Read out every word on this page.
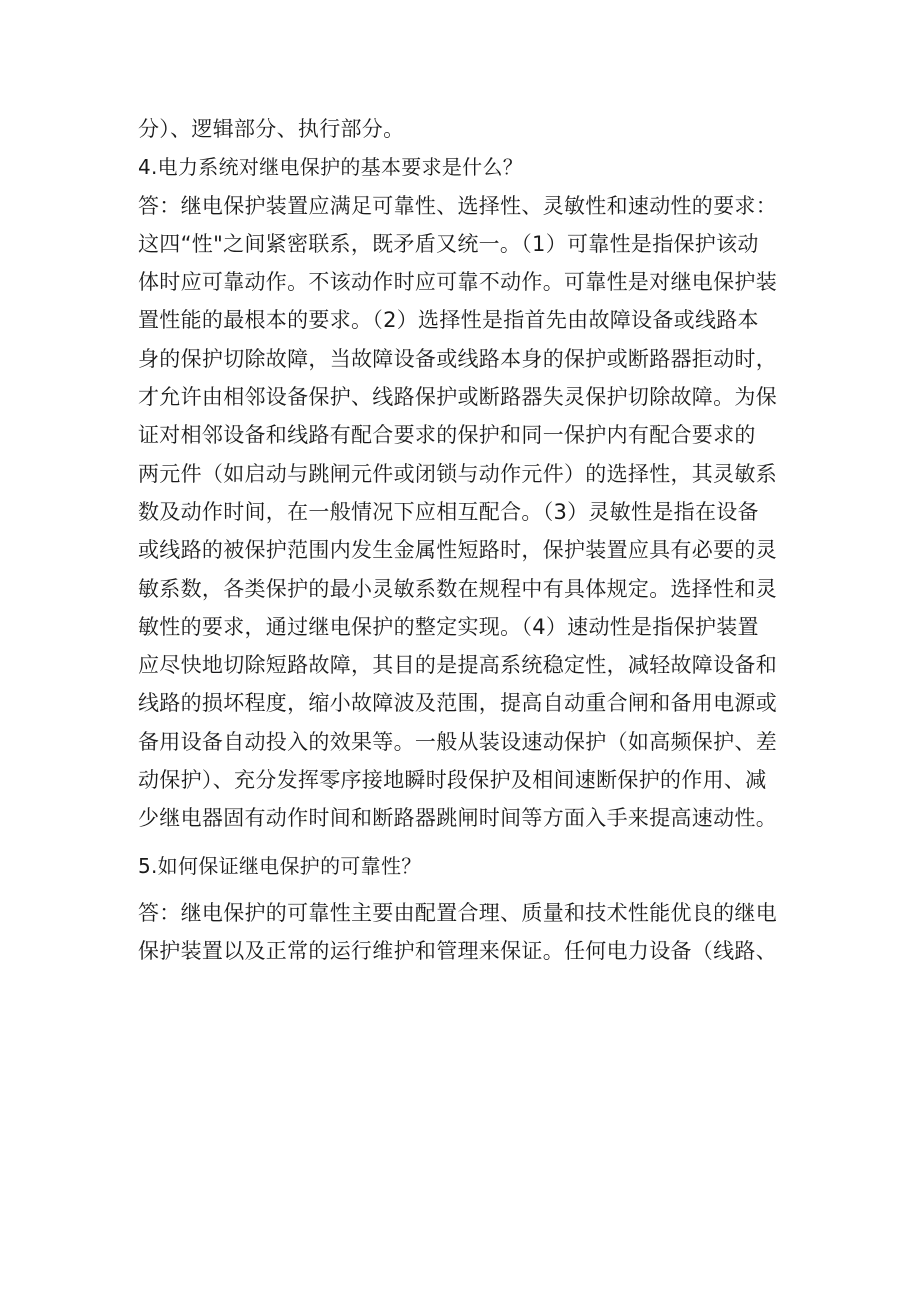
分）、逻辑部分、执行部分。
4.电力系统对继电保护的基本要求是什么？
答：继电保护装置应满足可靠性、选择性、灵敏性和速动性的要求：
这四“性"之间紧密联系，既矛盾又统一。（1）可靠性是指保护该动
体时应可靠动作。不该动作时应可靠不动作。可靠性是对继电保护装
置性能的最根本的要求。（2）选择性是指首先由故障设备或线路本
身的保护切除故障，当故障设备或线路本身的保护或断路器拒动时，
才允许由相邻设备保护、线路保护或断路器失灵保护切除故障。为保
证对相邻设备和线路有配合要求的保护和同一保护内有配合要求的
两元件（如启动与跳闸元件或闭锁与动作元件）的选择性，其灵敏系
数及动作时间，在一般情况下应相互配合。（3）灵敏性是指在设备
或线路的被保护范围内发生金属性短路时，保护装置应具有必要的灵
敏系数，各类保护的最小灵敏系数在规程中有具体规定。选择性和灵
敏性的要求，通过继电保护的整定实现。（4）速动性是指保护装置
应尽快地切除短路故障，其目的是提高系统稳定性，减轻故障设备和
线路的损坏程度，缩小故障波及范围，提高自动重合闸和备用电源或
备用设备自动投入的效果等。一般从装设速动保护（如高频保护、差
动保护）、充分发挥零序接地瞬时段保护及相间速断保护的作用、减
少继电器固有动作时间和断路器跳闸时间等方面入手来提高速动性。
5.如何保证继电保护的可靠性？
答：继电保护的可靠性主要由配置合理、质量和技术性能优良的继电
保护装置以及正常的运行维护和管理来保证。任何电力设备（线路、
